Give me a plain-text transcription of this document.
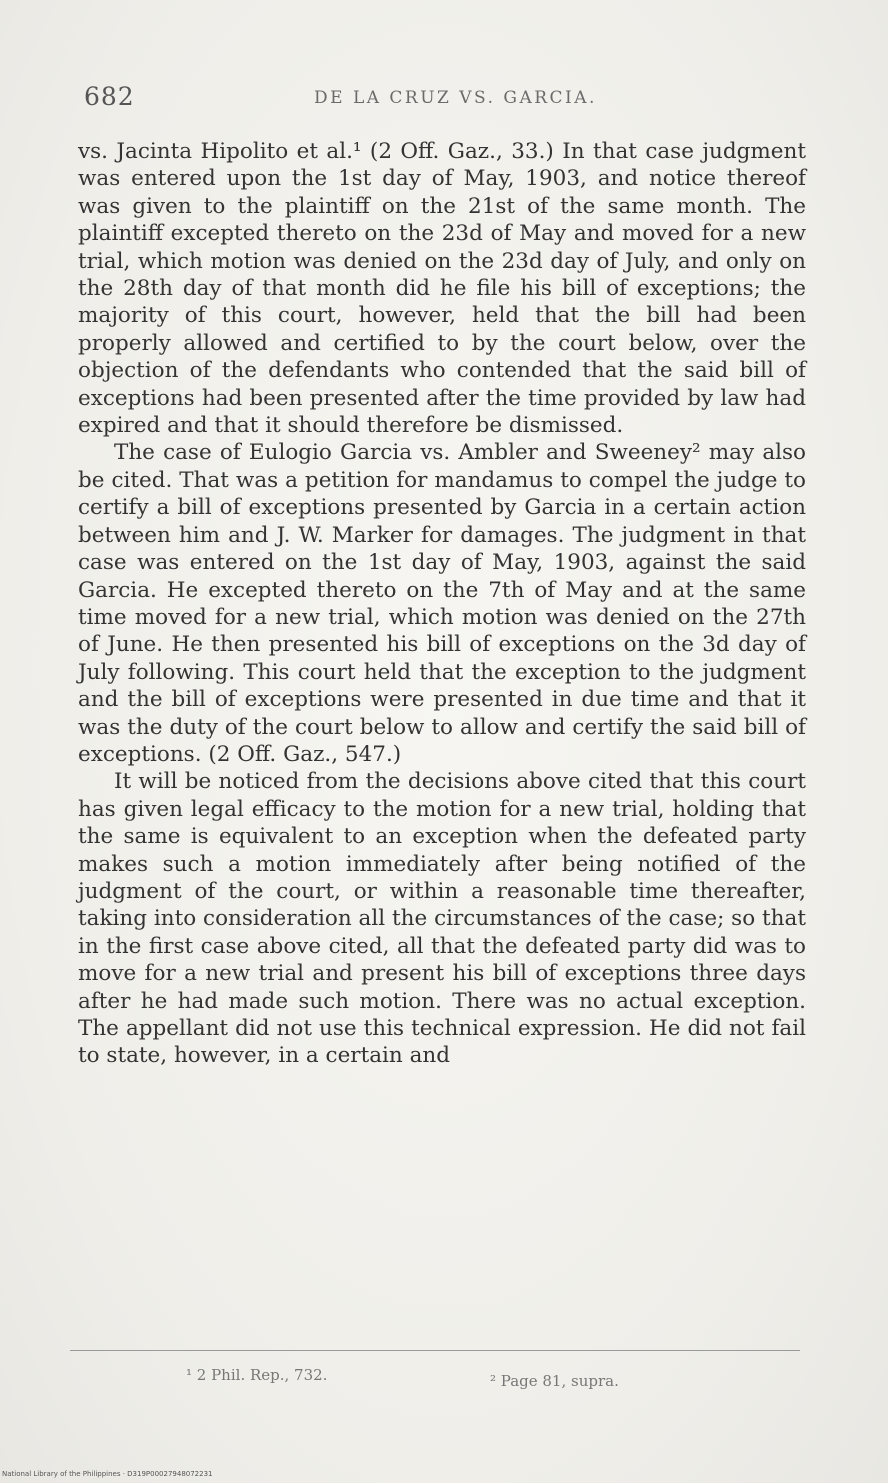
682	DE LA CRUZ VS. GARCIA.

vs. Jacinta Hipolito et al.¹ (2 Off. Gaz., 33.) In that case judgment was entered upon the 1st day of May, 1903, and notice thereof was given to the plaintiff on the 21st of the same month. The plaintiff excepted thereto on the 23d of May and moved for a new trial, which motion was denied on the 23d day of July, and only on the 28th day of that month did he file his bill of exceptions; the majority of this court, however, held that the bill had been properly allowed and certified to by the court below, over the objection of the defendants who contended that the said bill of exceptions had been presented after the time provided by law had expired and that it should therefore be dismissed.

The case of Eulogio Garcia vs. Ambler and Sweeney² may also be cited. That was a petition for mandamus to compel the judge to certify a bill of exceptions presented by Garcia in a certain action between him and J. W. Marker for damages. The judgment in that case was entered on the 1st day of May, 1903, against the said Garcia. He excepted thereto on the 7th of May and at the same time moved for a new trial, which motion was denied on the 27th of June. He then presented his bill of exceptions on the 3d day of July following. This court held that the exception to the judgment and the bill of exceptions were presented in due time and that it was the duty of the court below to allow and certify the said bill of exceptions. (2 Off. Gaz., 547.)

It will be noticed from the decisions above cited that this court has given legal efficacy to the motion for a new trial, holding that the same is equivalent to an exception when the defeated party makes such a motion immediately after being notified of the judgment of the court, or within a reasonable time thereafter, taking into consideration all the circumstances of the case; so that in the first case above cited, all that the defeated party did was to move for a new trial and present his bill of exceptions three days after he had made such motion. There was no actual exception. The appellant did not use this technical expression. He did not fail to state, however, in a certain and

¹ 2 Phil. Rep., 732.	² Page 81, supra.
National Library of the Philippines · D319P00027948072231
